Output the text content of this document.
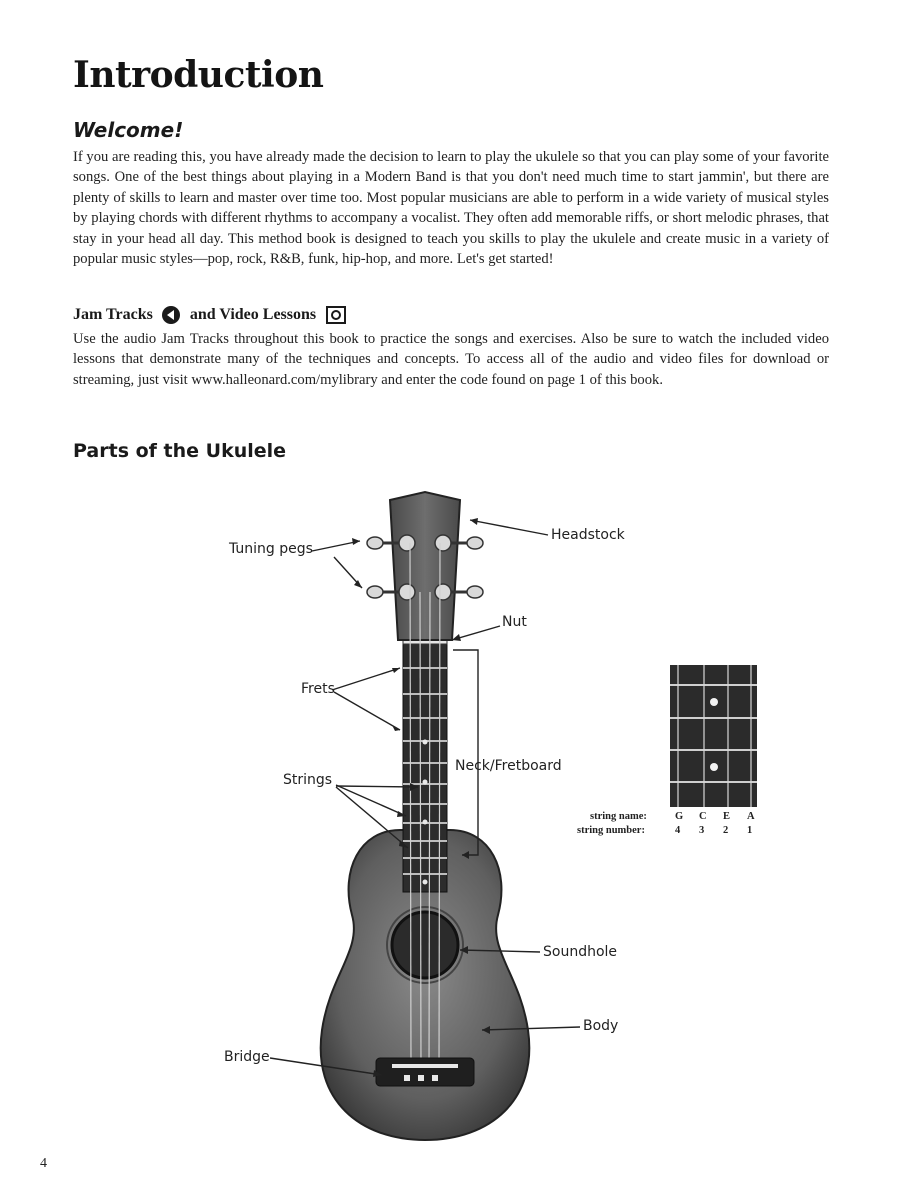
Introduction
Welcome!

If you are reading this, you have already made the decision to learn to play the ukulele so that you can play some of your favorite songs. One of the best things about playing in a Modern Band is that you don't need much time to start jammin', but there are plenty of skills to learn and master over time too. Most popular musicians are able to perform in a wide variety of musical styles by playing chords with different rhythms to accompany a vocalist. They often add memorable riffs, or short melodic phrases, that stay in your head all day. This method book is designed to teach you skills to play the ukulele and create music in a variety of popular music styles—pop, rock, R&B, funk, hip-hop, and more. Let's get started!

Jam Tracks and Video Lessons

Use the audio Jam Tracks throughout this book to practice the songs and exercises. Also be sure to watch the included video lessons that demonstrate many of the techniques and concepts. To access all of the audio and video files for download or streaming, just visit www.halleonard.com/mylibrary and enter the code found on page 1 of this book.

Parts of the Ukulele
Tuning pegs
Headstock
Nut
Frets
Neck/Fretboard
Strings
Soundhole
Body
Bridge
string name:	G C E A
string number:	4 3 2 1
4
